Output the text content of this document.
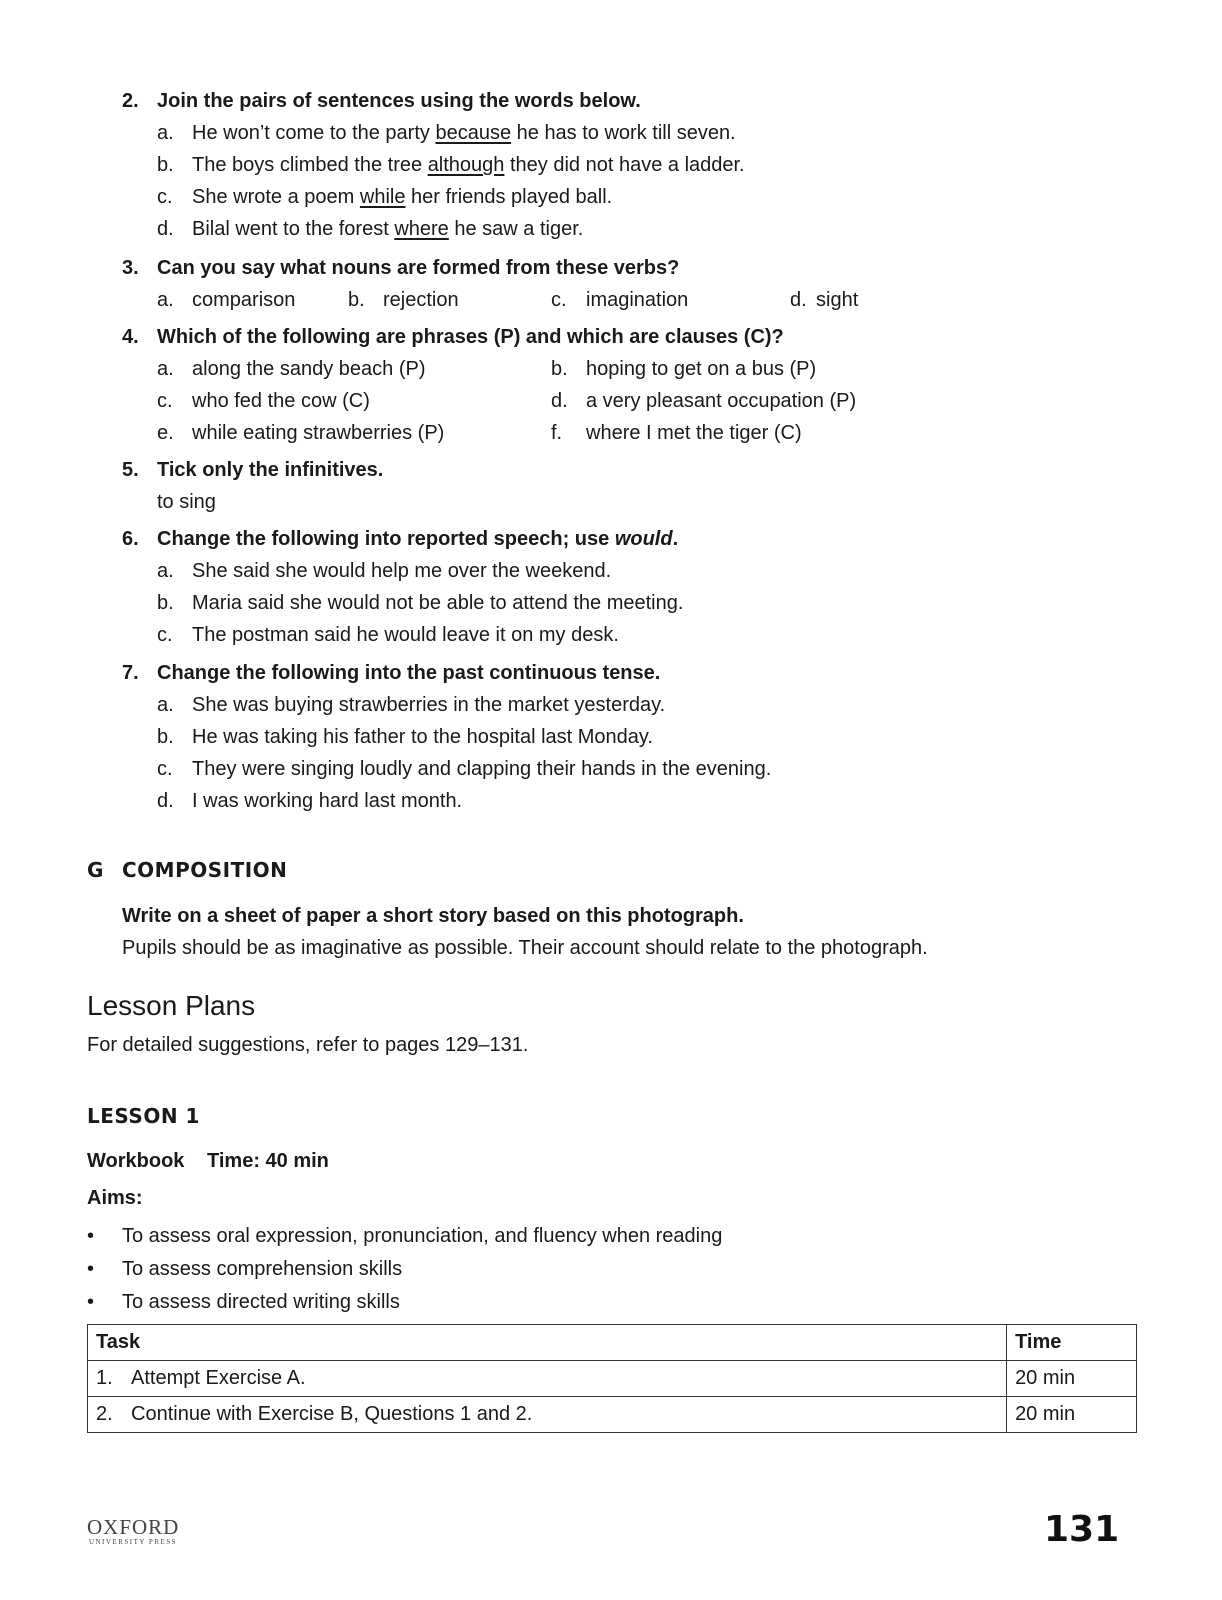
2. Join the pairs of sentences using the words below.
a. He won’t come to the party because he has to work till seven.
b. The boys climbed the tree although they did not have a ladder.
c. She wrote a poem while her friends played ball.
d. Bilal went to the forest where he saw a tiger.
3. Can you say what nouns are formed from these verbs?
a. comparison	b. rejection	c. imagination	d. sight
4. Which of the following are phrases (P) and which are clauses (C)?
a. along the sandy beach (P)	b. hoping to get on a bus (P)
c. who fed the cow (C)	d. a very pleasant occupation (P)
e. while eating strawberries (P)	f. where I met the tiger (C)
5. Tick only the infinitives.
to sing
6. Change the following into reported speech; use would.
a. She said she would help me over the weekend.
b. Maria said she would not be able to attend the meeting.
c. The postman said he would leave it on my desk.
7. Change the following into the past continuous tense.
a. She was buying strawberries in the market yesterday.
b. He was taking his father to the hospital last Monday.
c. They were singing loudly and clapping their hands in the evening.
d. I was working hard last month.
G COMPOSITION
Write on a sheet of paper a short story based on this photograph.
Pupils should be as imaginative as possible. Their account should relate to the photograph.
Lesson Plans
For detailed suggestions, refer to pages 129–131.
LESSON 1
Workbook Time: 40 min
Aims:
• To assess oral expression, pronunciation, and fluency when reading
• To assess comprehension skills
• To assess directed writing skills
Task	Time
1. Attempt Exercise A.	20 min
2. Continue with Exercise B, Questions 1 and 2.	20 min
OXFORD
UNIVERSITY PRESS	131
